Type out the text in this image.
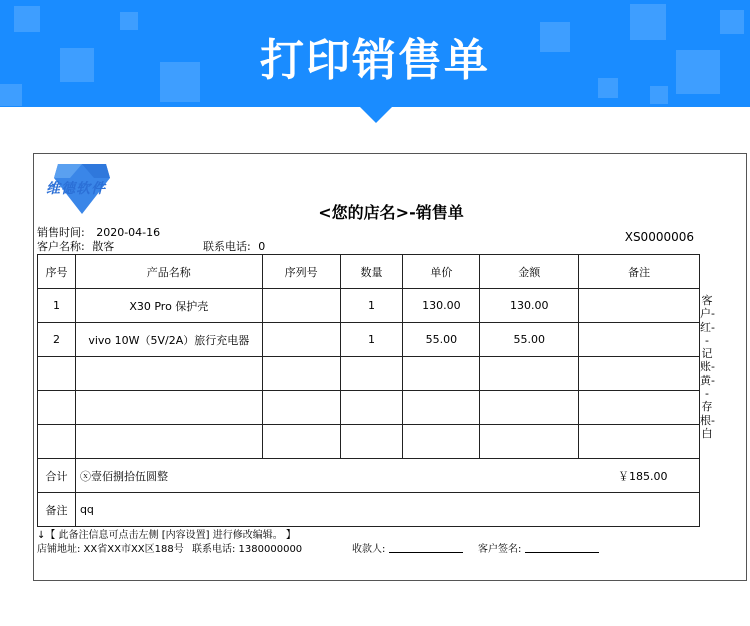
打印销售单
维德软件
<您的店名>-销售单
销售时间: 2020-04-16
客户名称: 散客	联系电话: 0
XS0000006
序号	产品名称	序列号	数量	单价	金额	备注
1	X30 Pro 保护壳		1	130.00	130.00	
2	vivo 10W（5V/2A）旅行充电器		1	55.00	55.00	

合计	ⓧ壹佰捌拾伍圆整 ￥185.00					

备注	qq					
客户-红--记账-黄--存根-白
↓【 此备注信息可点击左侧 [内容设置] 进行修改编辑。 】
店铺地址: XX省XX市XX区188号 联系电话: 1380000000	收款人:	客户签名:
